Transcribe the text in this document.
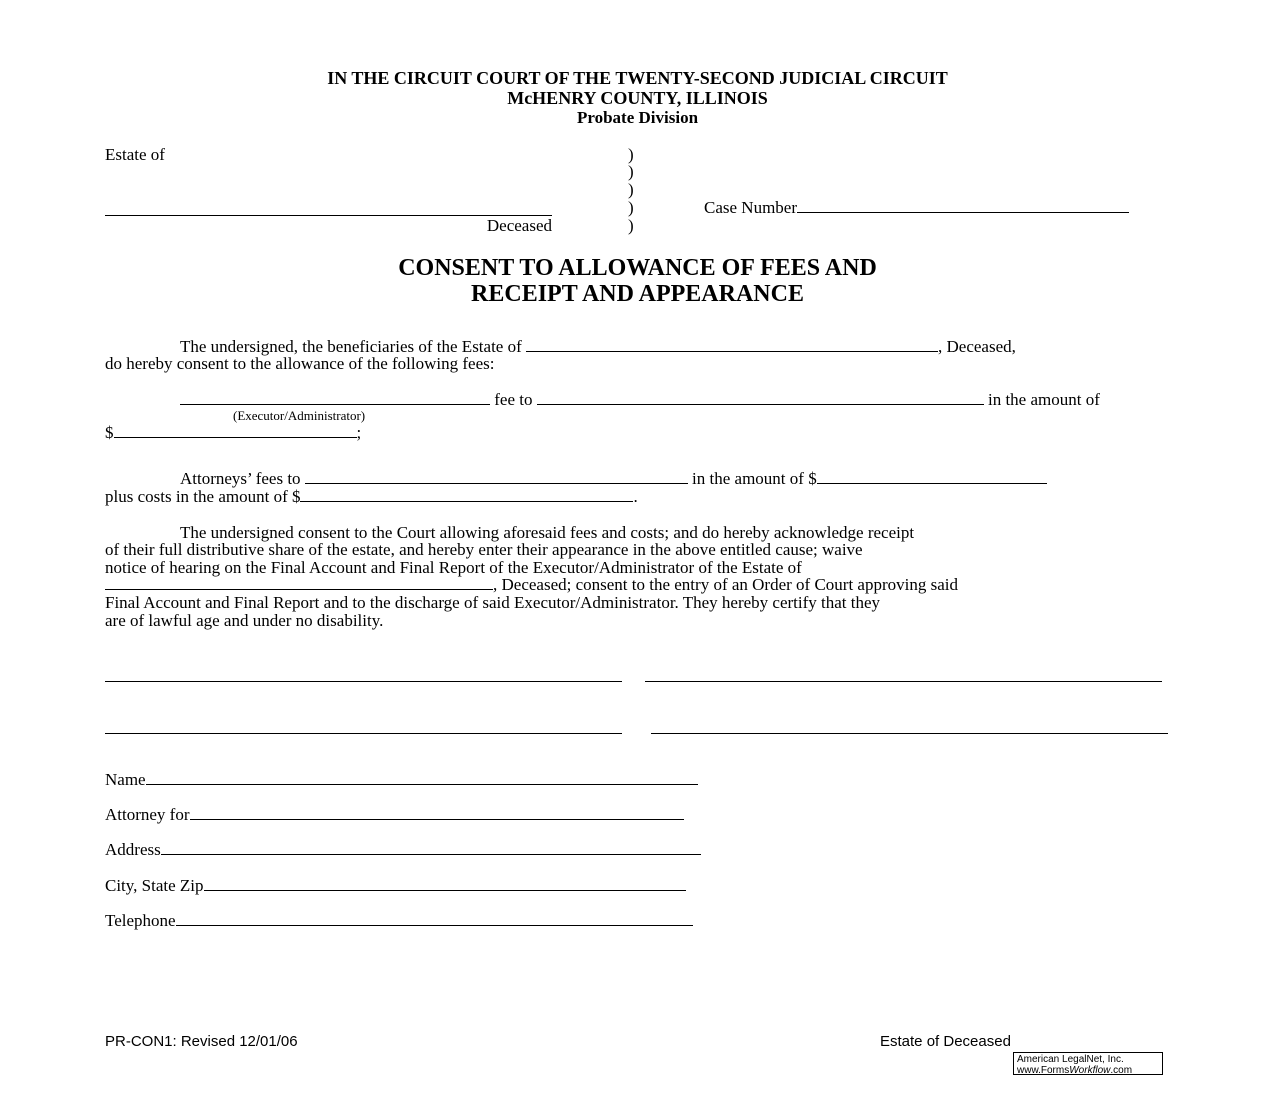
IN THE CIRCUIT COURT OF THE TWENTY-SECOND JUDICIAL CIRCUIT
McHENRY COUNTY, ILLINOIS
Probate Division
Estate of	)
)
)
)
)
Deceased
Case Number
CONSENT TO ALLOWANCE OF FEES AND
RECEIPT AND APPEARANCE
The undersigned, the beneficiaries of the Estate of	, Deceased,
do hereby consent to the allowance of the following fees:
fee to	in the amount of
(Executor/Administrator)
$	;
Attorneys’ fees to	in the amount of $
plus costs in the amount of $	.
The undersigned consent to the Court allowing aforesaid fees and costs; and do hereby acknowledge receipt
of their full distributive share of the estate, and hereby enter their appearance in the above entitled cause; waive
notice of hearing on the Final Account and Final Report of the Executor/Administrator of the Estate of
, Deceased; consent to the entry of an Order of Court approving said
Final Account and Final Report and to the discharge of said Executor/Administrator. They hereby certify that they
are of lawful age and under no disability.
Name
Attorney for
Address
City, State Zip
Telephone
PR-CON1: Revised 12/01/06	Estate of Deceased
American LegalNet, Inc.
www.FormsWorkflow.com
